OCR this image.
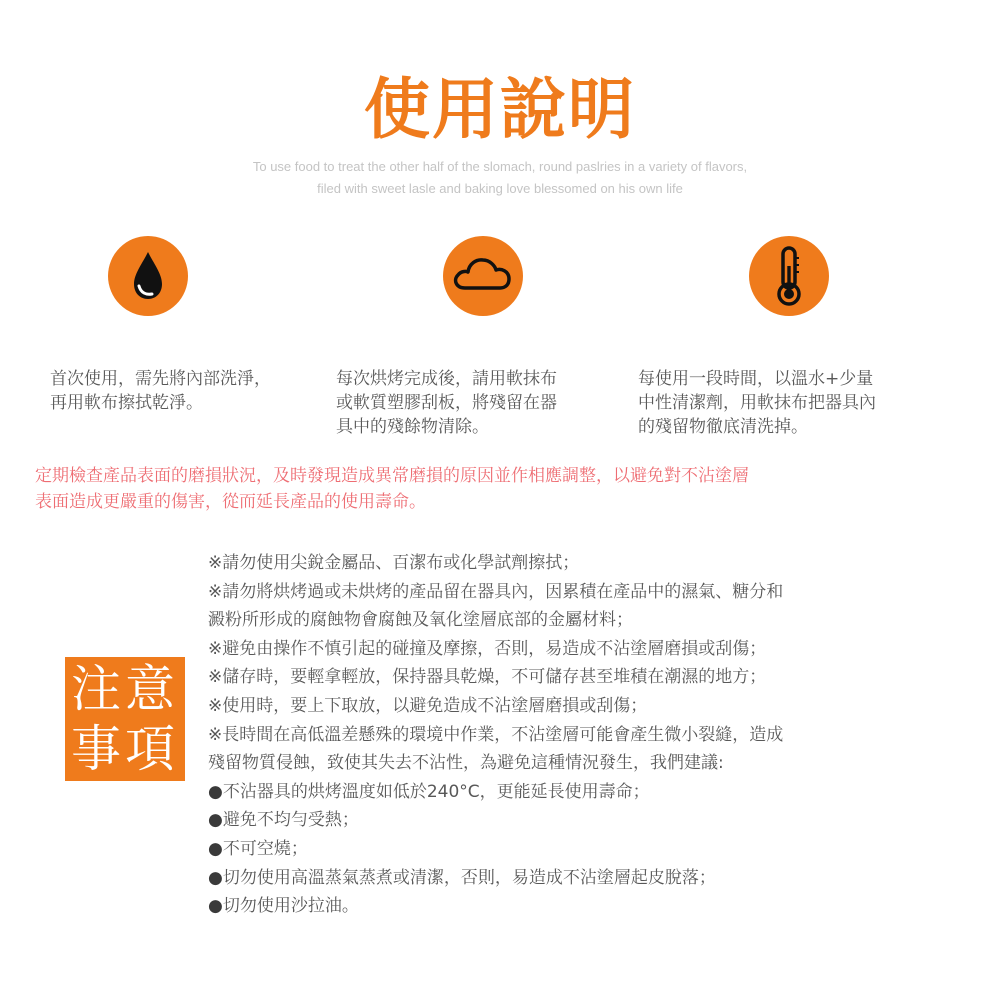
使用說明
To use food to treat the other half of the slomach, round paslries in a variety of flavors,
filed with sweet lasle and baking love blessomed on his own life
首次使用，需先將內部洗淨，
再用軟布擦拭乾淨。
每次烘烤完成後，請用軟抹布
或軟質塑膠刮板，將殘留在器
具中的殘餘物清除。
每使用一段時間，以溫水+少量
中性清潔劑，用軟抹布把器具內
的殘留物徹底清洗掉。
定期檢查產品表面的磨損狀況，及時發現造成異常磨損的原因並作相應調整，以避免對不沾塗層
表面造成更嚴重的傷害，從而延長產品的使用壽命。
注意
事項
※請勿使用尖銳金屬品、百潔布或化學試劑擦拭；
※請勿將烘烤過或未烘烤的產品留在器具內，因累積在產品中的濕氣、糖分和
澱粉所形成的腐蝕物會腐蝕及氧化塗層底部的金屬材料；
※避免由操作不慎引起的碰撞及摩擦，否則，易造成不沾塗層磨損或刮傷；
※儲存時，要輕拿輕放，保持器具乾燥，不可儲存甚至堆積在潮濕的地方；
※使用時，要上下取放，以避免造成不沾塗層磨損或刮傷；
※長時間在高低溫差懸殊的環境中作業，不沾塗層可能會產生微小裂縫，造成
殘留物質侵蝕，致使其失去不沾性，為避免這種情況發生，我們建議:
●不沾器具的烘烤溫度如低於240°C，更能延長使用壽命；
●避免不均勻受熱；
●不可空燒；
●切勿使用高溫蒸氣蒸煮或清潔，否則，易造成不沾塗層起皮脫落；
●切勿使用沙拉油。
